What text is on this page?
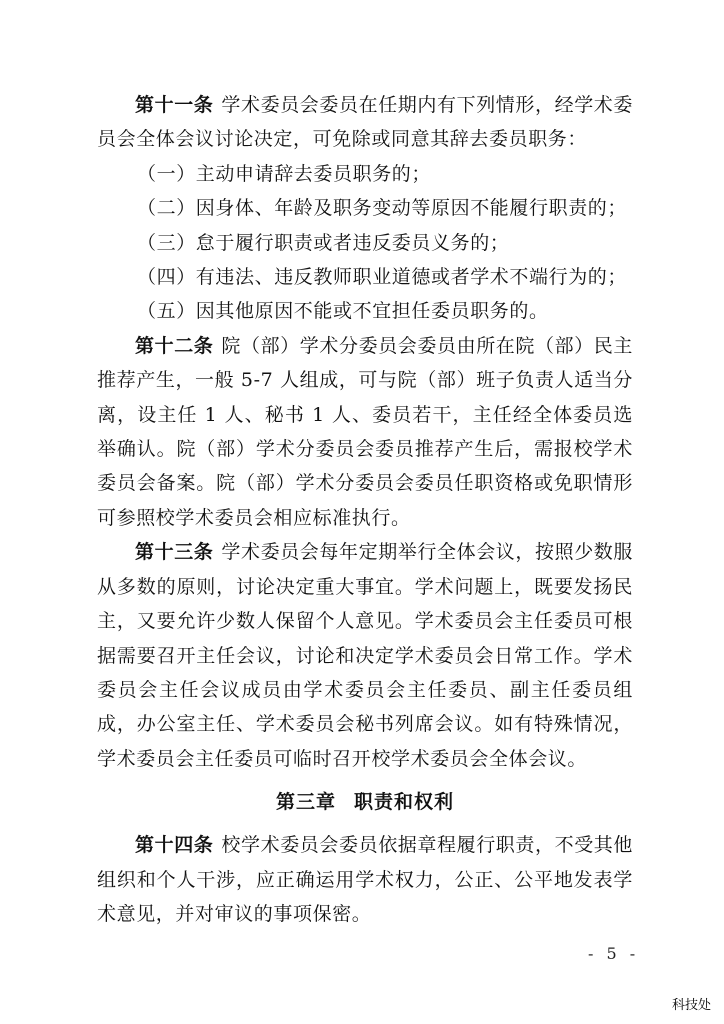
第十一条 学术委员会委员在任期内有下列情形，经学术委员会全体会议讨论决定，可免除或同意其辞去委员职务：

（一）主动申请辞去委员职务的；

（二）因身体、年龄及职务变动等原因不能履行职责的；

（三）怠于履行职责或者违反委员义务的；

（四）有违法、违反教师职业道德或者学术不端行为的；

（五）因其他原因不能或不宜担任委员职务的。

第十二条 院（部）学术分委员会委员由所在院（部）民主推荐产生，一般 5-7 人组成，可与院（部）班子负责人适当分离，设主任 1 人、秘书 1 人、委员若干，主任经全体委员选举确认。院（部）学术分委员会委员推荐产生后，需报校学术委员会备案。院（部）学术分委员会委员任职资格或免职情形可参照校学术委员会相应标准执行。

第十三条 学术委员会每年定期举行全体会议，按照少数服从多数的原则，讨论决定重大事宜。学术问题上，既要发扬民主，又要允许少数人保留个人意见。学术委员会主任委员可根据需要召开主任会议，讨论和决定学术委员会日常工作。学术委员会主任会议成员由学术委员会主任委员、副主任委员组成，办公室主任、学术委员会秘书列席会议。如有特殊情况，学术委员会主任委员可临时召开校学术委员会全体会议。

第三章 职责和权利

第十四条 校学术委员会委员依据章程履行职责，不受其他组织和个人干涉，应正确运用学术权力，公正、公平地发表学术意见，并对审议的事项保密。

- 5 -
科技处
